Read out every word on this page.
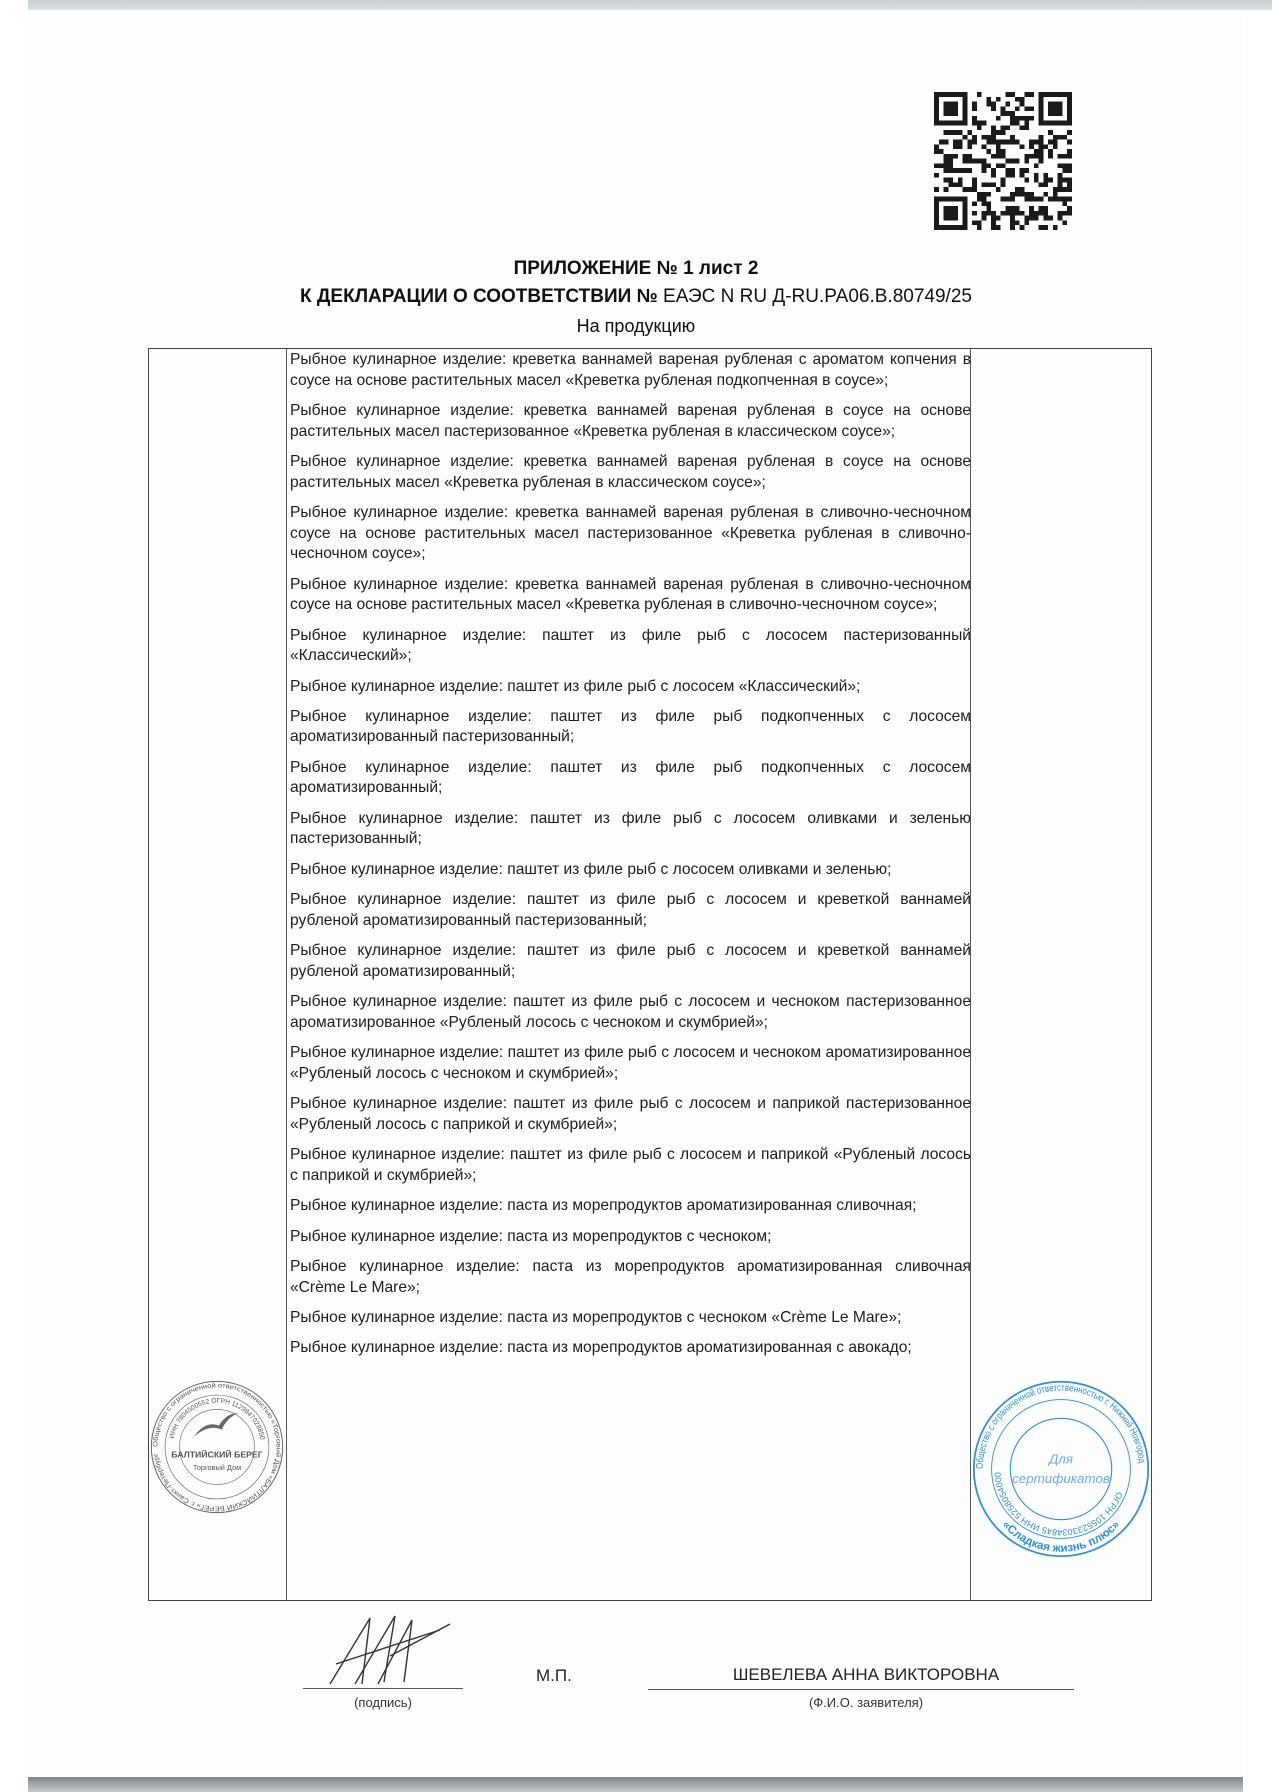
ПРИЛОЖЕНИЕ № 1 лист 2
К ДЕКЛАРАЦИИ О СООТВЕТСТВИИ № ЕАЭС N RU Д-RU.РА06.В.80749/25
На продукцию
Рыбное кулинарное изделие: креветка ваннамей вареная рубленая с ароматом копчения в соусе на основе растительных масел «Креветка рубленая подкопченная в соусе»;
Рыбное кулинарное изделие: креветка ваннамей вареная рубленая в соусе на основе растительных масел пастеризованное «Креветка рубленая в классическом соусе»;
Рыбное кулинарное изделие: креветка ваннамей вареная рубленая в соусе на основе растительных масел «Креветка рубленая в классическом соусе»;
Рыбное кулинарное изделие: креветка ваннамей вареная рубленая в сливочно-чесночном соусе на основе растительных масел пастеризованное «Креветка рубленая в сливочно-чесночном соусе»;
Рыбное кулинарное изделие: креветка ваннамей вареная рубленая в сливочно-чесночном соусе на основе растительных масел «Креветка рубленая в сливочно-чесночном соусе»;
Рыбное кулинарное изделие: паштет из филе рыб с лососем пастеризованный «Классический»;
Рыбное кулинарное изделие: паштет из филе рыб с лососем «Классический»;
Рыбное кулинарное изделие: паштет из филе рыб подкопченных с лососем ароматизированный пастеризованный;
Рыбное кулинарное изделие: паштет из филе рыб подкопченных с лососем ароматизированный;
Рыбное кулинарное изделие: паштет из филе рыб с лососем оливками и зеленью пастеризованный;
Рыбное кулинарное изделие: паштет из филе рыб с лососем оливками и зеленью;
Рыбное кулинарное изделие: паштет из филе рыб с лососем и креветкой ваннамей рубленой ароматизированный пастеризованный;
Рыбное кулинарное изделие: паштет из филе рыб с лососем и креветкой ваннамей рубленой ароматизированный;
Рыбное кулинарное изделие: паштет из филе рыб с лососем и чесноком пастеризованное ароматизированное «Рубленый лосось с чесноком и скумбрией»;
Рыбное кулинарное изделие: паштет из филе рыб с лососем и чесноком ароматизированное «Рубленый лосось с чесноком и скумбрией»;
Рыбное кулинарное изделие: паштет из филе рыб с лососем и паприкой пастеризованное «Рубленый лосось с паприкой и скумбрией»;
Рыбное кулинарное изделие: паштет из филе рыб с лососем и паприкой «Рубленый лосось с паприкой и скумбрией»;
Рыбное кулинарное изделие: паста из морепродуктов ароматизированная сливочная;
Рыбное кулинарное изделие: паста из морепродуктов с чесноком;
Рыбное кулинарное изделие: паста из морепродуктов ароматизированная сливочная «Crème Le Mare»;
Рыбное кулинарное изделие: паста из морепродуктов с чесноком «Crème Le Mare»;
Рыбное кулинарное изделие: паста из морепродуктов ароматизированная с авокадо;
Общество с ограниченной ответственностью «Торговый Дом «БАЛТИЙСКИЙ БЕРЕГ» г. Санкт-Петербург
ИНН 7804500552 ОГРН 1129847028850
БАЛТИЙСКИЙ БЕРЕГ
Торговый Дом	Общество с ограниченной ответственностью г. Нижний Новгород
«Сладкая жизнь плюс»
ОГРН 1055233034845 ИНН 5258054000
Для
сертификатов
М.П.	ШЕВЕЛЕВА АННА ВИКТОРОВНА
(Ф.И.О. заявителя)
(подпись)
